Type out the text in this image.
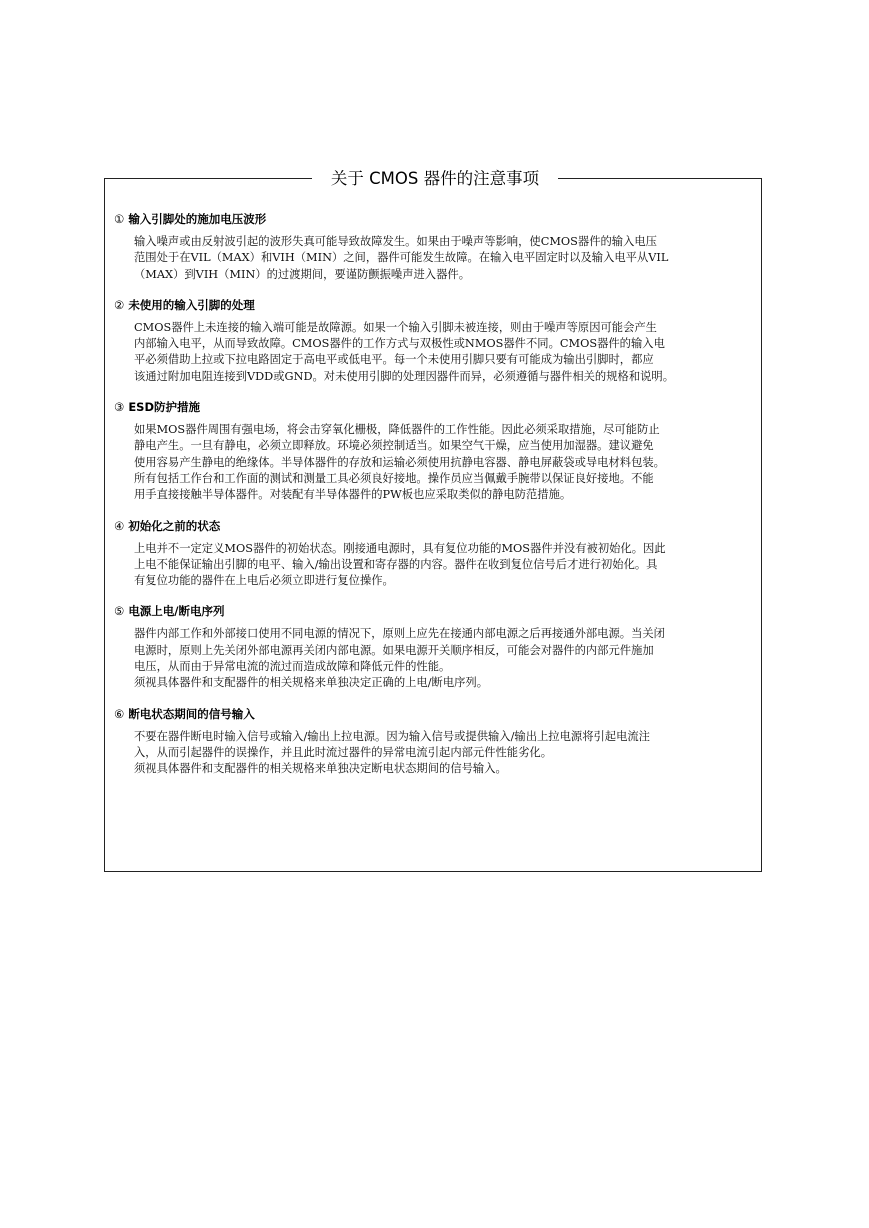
关于 CMOS 器件的注意事项
① 输入引脚处的施加电压波形
输入噪声或由反射波引起的波形失真可能导致故障发生。如果由于噪声等影响，使CMOS器件的输入电压
范围处于在VIL（MAX）和VIH（MIN）之间，器件可能发生故障。在输入电平固定时以及输入电平从VIL
（MAX）到VIH（MIN）的过渡期间，要谨防颤振噪声进入器件。
② 未使用的输入引脚的处理
CMOS器件上未连接的输入端可能是故障源。如果一个输入引脚未被连接，则由于噪声等原因可能会产生
内部输入电平，从而导致故障。CMOS器件的工作方式与双极性或NMOS器件不同。CMOS器件的输入电
平必须借助上拉或下拉电路固定于高电平或低电平。每一个未使用引脚只要有可能成为输出引脚时，都应
该通过附加电阻连接到VDD或GND。对未使用引脚的处理因器件而异，必须遵循与器件相关的规格和说明。
③ ESD防护措施
如果MOS器件周围有强电场，将会击穿氧化栅极，降低器件的工作性能。因此必须采取措施，尽可能防止
静电产生。一旦有静电，必须立即释放。环境必须控制适当。如果空气干燥，应当使用加湿器。建议避免
使用容易产生静电的绝缘体。半导体器件的存放和运输必须使用抗静电容器、静电屏蔽袋或导电材料包装。
所有包括工作台和工作面的测试和测量工具必须良好接地。操作员应当佩戴手腕带以保证良好接地。不能
用手直接接触半导体器件。对装配有半导体器件的PW板也应采取类似的静电防范措施。
④ 初始化之前的状态
上电并不一定定义MOS器件的初始状态。刚接通电源时，具有复位功能的MOS器件并没有被初始化。因此
上电不能保证输出引脚的电平、输入/输出设置和寄存器的内容。器件在收到复位信号后才进行初始化。具
有复位功能的器件在上电后必须立即进行复位操作。
⑤ 电源上电/断电序列
器件内部工作和外部接口使用不同电源的情况下，原则上应先在接通内部电源之后再接通外部电源。当关闭
电源时，原则上先关闭外部电源再关闭内部电源。如果电源开关顺序相反，可能会对器件的内部元件施加
电压，从而由于异常电流的流过而造成故障和降低元件的性能。
须视具体器件和支配器件的相关规格来单独决定正确的上电/断电序列。
⑥ 断电状态期间的信号输入
不要在器件断电时输入信号或输入/输出上拉电源。因为输入信号或提供输入/输出上拉电源将引起电流注
入，从而引起器件的误操作，并且此时流过器件的异常电流引起内部元件性能劣化。
须视具体器件和支配器件的相关规格来单独决定断电状态期间的信号输入。
